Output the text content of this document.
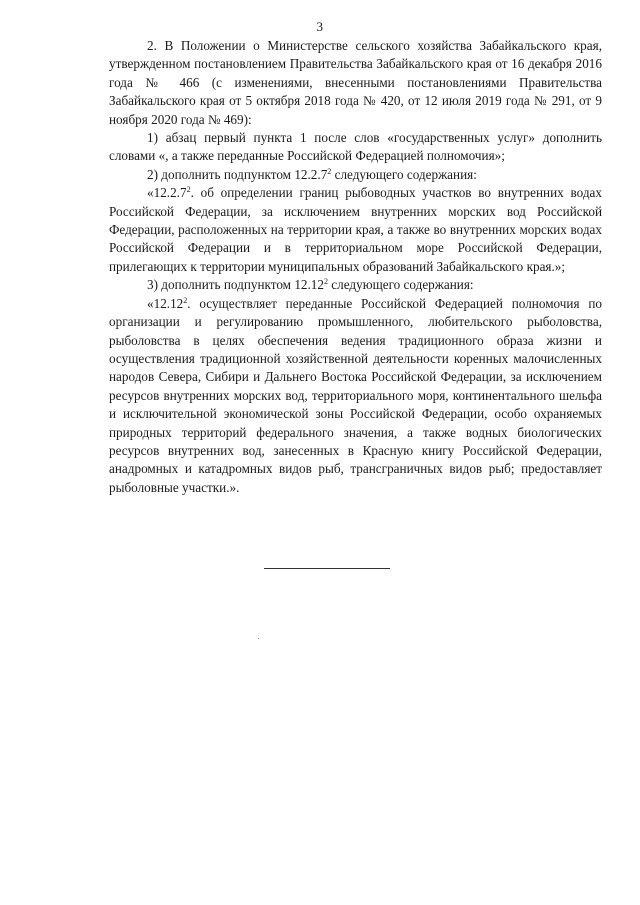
3

2. В Положении о Министерстве сельского хозяйства Забайкальского края, утвержденном постановлением Правительства Забайкальского края от 16 декабря 2016 года № 466 (с изменениями, внесенными постановлениями Правительства Забайкальского края от 5 октября 2018 года № 420, от 12 июля 2019 года № 291, от 9 ноября 2020 года № 469):

1) абзац первый пункта 1 после слов «государственных услуг» дополнить словами «, а также переданные Российской Федерацией полномочия»;

2) дополнить подпунктом 12.2.7$^2$ следующего содержания:

«12.2.7$^2$. об определении границ рыбоводных участков во внутренних водах Российской Федерации, за исключением внутренних морских вод Российской Федерации, расположенных на территории края, а также во внутренних морских водах Российской Федерации и в территориальном море Российской Федерации, прилегающих к территории муниципальных образований Забайкальского края.»;

3) дополнить подпунктом 12.12$^2$ следующего содержания:

«12.12$^2$. осуществляет переданные Российской Федерацией полномочия по организации и регулированию промышленного, любительского рыболовства, рыболовства в целях обеспечения ведения традиционного образа жизни и осуществления традиционной хозяйственной деятельности коренных малочисленных народов Севера, Сибири и Дальнего Востока Российской Федерации, за исключением ресурсов внутренних морских вод, территориального моря, континентального шельфа и исключительной экономической зоны Российской Федерации, особо охраняемых природных территорий федерального значения, а также водных биологических ресурсов внутренних вод, занесенных в Красную книгу Российской Федерации, анадромных и катадромных видов рыб, трансграничных видов рыб; предоставляет рыболовные участки.».
